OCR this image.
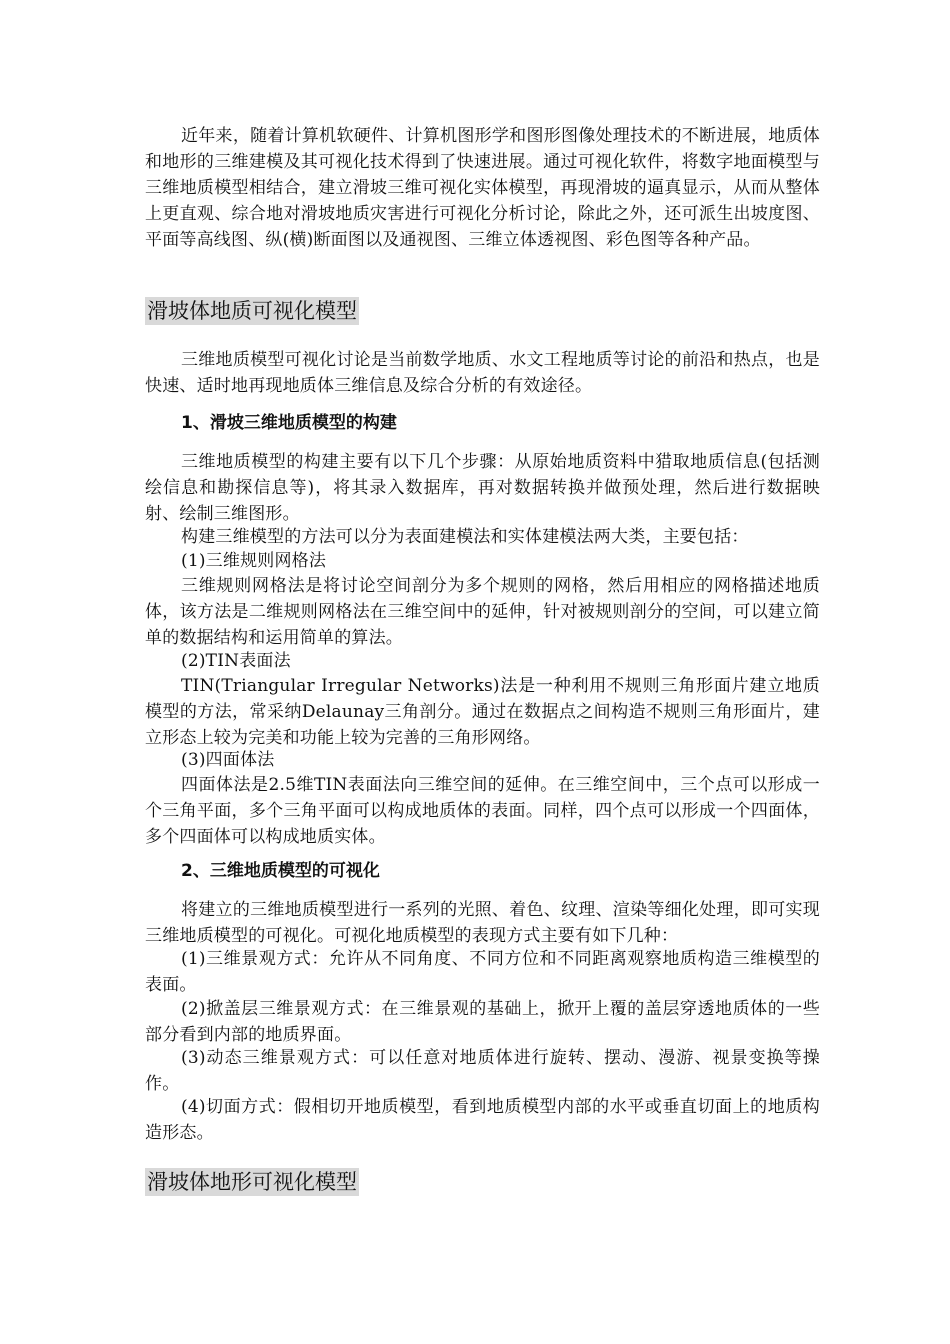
近年来，随着计算机软硬件、计算机图形学和图形图像处理技术的不断进展，地质体和地形的三维建模及其可视化技术得到了快速进展。通过可视化软件，将数字地面模型与三维地质模型相结合，建立滑坡三维可视化实体模型，再现滑坡的逼真显示，从而从整体上更直观、综合地对滑坡地质灾害进行可视化分析讨论，除此之外，还可派生出坡度图、平面等高线图、纵(横)断面图以及通视图、三维立体透视图、彩色图等各种产品。

滑坡体地质可视化模型

三维地质模型可视化讨论是当前数学地质、水文工程地质等讨论的前沿和热点，也是快速、适时地再现地质体三维信息及综合分析的有效途径。

1、滑坡三维地质模型的构建

三维地质模型的构建主要有以下几个步骤：从原始地质资料中猎取地质信息(包括测绘信息和勘探信息等)，将其录入数据库，再对数据转换并做预处理，然后进行数据映射、绘制三维图形。

构建三维模型的方法可以分为表面建模法和实体建模法两大类，主要包括：

(1)三维规则网格法

三维规则网格法是将讨论空间剖分为多个规则的网格，然后用相应的网格描述地质体，该方法是二维规则网格法在三维空间中的延伸，针对被规则剖分的空间，可以建立简单的数据结构和运用简单的算法。

(2)TIN表面法

TIN(Triangular Irregular Networks)法是一种利用不规则三角形面片建立地质模型的方法，常采纳Delaunay三角剖分。通过在数据点之间构造不规则三角形面片，建立形态上较为完美和功能上较为完善的三角形网络。

(3)四面体法

四面体法是2.5维TIN表面法向三维空间的延伸。在三维空间中，三个点可以形成一个三角平面，多个三角平面可以构成地质体的表面。同样，四个点可以形成一个四面体，多个四面体可以构成地质实体。

2、三维地质模型的可视化

将建立的三维地质模型进行一系列的光照、着色、纹理、渲染等细化处理，即可实现三维地质模型的可视化。可视化地质模型的表现方式主要有如下几种：

(1)三维景观方式：允许从不同角度、不同方位和不同距离观察地质构造三维模型的表面。

(2)掀盖层三维景观方式：在三维景观的基础上，掀开上覆的盖层穿透地质体的一些部分看到内部的地质界面。

(3)动态三维景观方式：可以任意对地质体进行旋转、摆动、漫游、视景变换等操作。

(4)切面方式：假相切开地质模型，看到地质模型内部的水平或垂直切面上的地质构造形态。

滑坡体地形可视化模型
